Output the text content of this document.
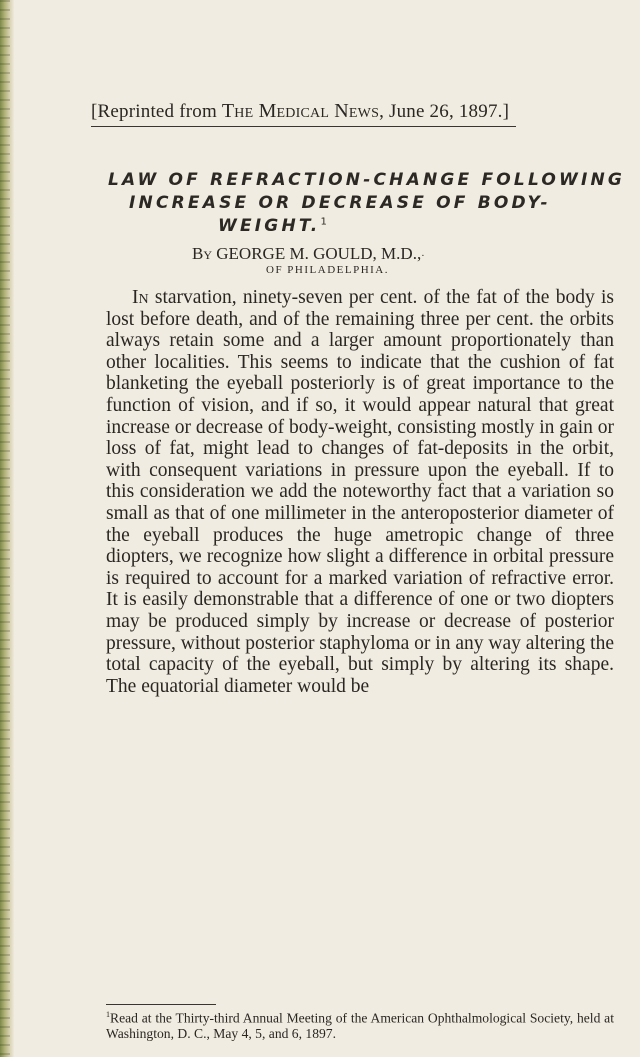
[Reprinted from The Medical News, June 26, 1897.]
LAW OF REFRACTION-CHANGE FOLLOWING
INCREASE OR DECREASE OF BODY-
WEIGHT.$^1$
By GEORGE M. GOULD, M.D.,·
OF PHILADELPHIA.
In starvation, ninety-seven per cent. of the fat of the body is lost before death, and of the remaining three per cent. the orbits always retain some and a larger amount proportionately than other localities. This seems to indicate that the cushion of fat blanketing the eyeball posteriorly is of great importance to the function of vision, and if so, it would appear natural that great increase or decrease of body-weight, consisting mostly in gain or loss of fat, might lead to changes of fat-deposits in the orbit, with consequent variations in pressure upon the eyeball. If to this consideration we add the noteworthy fact that a variation so small as that of one millimeter in the anteroposterior diameter of the eyeball produces the huge ametropic change of three diopters, we recognize how slight a difference in orbital pressure is required to account for a marked variation of refractive error. It is easily demonstrable that a difference of one or two diopters may be produced simply by increase or decrease of posterior pressure, without posterior staphyloma or in any way altering the total capacity of the eyeball, but simply by altering its shape. The equatorial diameter would be
$^1$Read at the Thirty-third Annual Meeting of the American Ophthalmological Society, held at Washington, D. C., May 4, 5, and 6, 1897.
